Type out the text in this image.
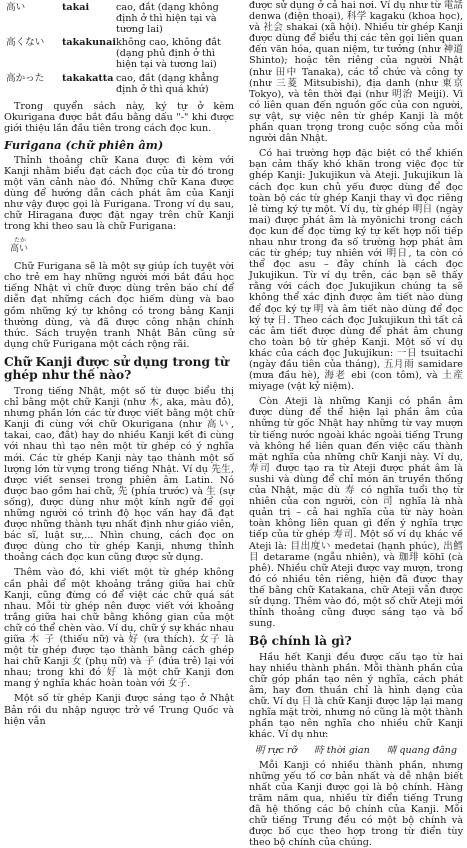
高い	takai	cao, đắt (dạng không định ở thì hiện tại và tương lai)
高くない	takakunai	không cao, không đắt (dạng phủ định ở thì hiện tại và tương lai)
高かった	takakatta	cao, đắt (dạng khẳng định ở thì quá khứ)

Trong quyển sách này, ký tự ở kèm Okurigana được bắt đầu bằng dấu "-" khi được giới thiệu lần đầu tiên trong cách đọc kun.

Furigana (chữ phiên âm)

Thỉnh thoảng chữ Kana được đi kèm với Kanji nhằm biểu đạt cách đọc của từ đó trong một văn cảnh nào đó. Những chữ Kana được dùng để hướng dẫn cách phát âm của Kanji như vậy được gọi là Furigana. Trong ví dụ sau, chữ Hiragana được đặt ngay trên chữ Kanji trong khi theo sau là chữ Furigana:

たか
高い

Chữ Furigana sẽ là một sự giúp ích tuyệt vời cho trẻ em hay những người mới bắt đầu học tiếng Nhật vì chữ được dùng trên báo chí để diễn đạt những cách đọc hiếm dùng và bao gồm những ký tự không có trong bảng Kanji thường dùng, và đã được công nhận chính thức. Sách truyện tranh Nhật Bản cũng sử dụng chữ Furigana một cách rộng rãi.

Chữ Kanji được sử dụng trong từ ghép như thế nào?

Trong tiếng Nhật, một số từ được biểu thị chỉ bằng một chữ Kanji (như 木, aka, màu đỏ), nhưng phần lớn các từ được viết bằng một chữ Kanji đi cùng với chữ Okurigana (như 高い, takai, cao, đắt) hay do nhiều Kanji kết đi cùng với nhau thì tạo nên một từ ghép có ý nghĩa mới. Các từ ghép Kanji này tạo thành một số lượng lớn từ vựng trong tiếng Nhật. Ví dụ 先生, được viết sensei trong phiên âm Latin. Nó được bao gồm hai chữ, 先 (phía trước) và 生 (sự sống), được dùng như một kính ngữ để gọi những người có trình độ học vấn hay đã đạt được những thành tựu nhất định như giáo viên, bác sĩ, luật sư,... Nhìn chung, cách đọc on được dùng cho từ ghép Kanji, nhưng thỉnh thoảng cách đọc kun cũng được sử dụng.

Thêm vào đó, khi viết một từ ghép không cần phải để một khoảng trắng giữa hai chữ Kanji, cũng đừng có để việt các chữ quá sát nhau. Mỗi từ ghép nên được viết với khoảng trắng giữa hai chữ bằng không gian của một chữ có thể chèn vào. Ví dụ, chữ ý sự khác nhau giữa 木 子 (thiếu nữ) và 好 (ưa thích). 女子 là một từ ghép được tạo thành bằng cách ghép hai chữ Kanji 女 (phụ nữ) và 子 (đứa trẻ) lại với nhau; trong khi đó 好 là một chữ Kanji đơn mang ý nghĩa khác hoàn toàn với 女子.

Một số từ ghép Kanji được sáng tạo ở Nhật Bản rồi du nhập ngược trở về Trung Quốc và hiện vẫn

được sử dụng ở cả hai nơi. Ví dụ như từ 電話 denwa (điện thoại), 科学 kagaku (khoa học), và 社会 shakai (xã hội). Nhiều từ ghép Kanji được dùng để biểu thị các tên gọi liên quan đến văn hóa, quan niệm, tư tưởng (như 神道 Shinto); hoặc tên riêng của người Nhật (như 田中 Tanaka), các tổ chức và công ty (như 三菱 Mitsubishi), địa danh (như 東京 Tokyo), và tên thời đại (như 明治 Meiji). Vì có liên quan đến nguồn gốc của con người, sự vật, sự việc nên từ ghép Kanji là một phần quan trọng trong cuộc sống của mỗi người dân Nhật.

Có hai trường hợp đặc biệt có thể khiến bạn cảm thấy khó khăn trong việc đọc từ ghép Kanji: Jukujikun và Ateji. Jukujikun là cách đọc kun chủ yếu được dùng để đọc toàn bộ các từ ghép Kanji thay vì đọc riêng lẻ từng ký tự một. Ví dụ, từ ghép 明日 (ngày mai) được phát âm là myōnichi trong cách đọc kun để đọc từng ký tự kết hợp nối tiếp nhau như trong đa số trường hợp phát âm các từ ghép; tuy nhiên với 明日, ta còn có thể đọc asu – đây chính là cách đọc Jukujikun. Từ ví dụ trên, các bạn sẽ thấy rằng với cách đọc Jukujikun chúng ta sẽ không thể xác định được âm tiết nào dùng để đọc ký tự 明 và âm tiết nào dùng để đọc ký tự 日. Theo cách đọc Jukujikun thì tất cả các âm tiết được dùng để phát âm chung cho toàn bộ từ ghép Kanji. Một số ví dụ khác của cách đọc Jukujikun: 一日 tsuitachi (ngày đầu tiên của tháng), 五月雨 samidare (mưa đầu hè), 海老 ebi (con tôm), và 土産 miyage (vật kỷ niệm).

Còn Ateji là những Kanji có phần âm được dùng để thể hiện lại phần âm của những từ gốc Nhật hay những từ vay mượn từ tiếng nước ngoài khác ngoài tiếng Trung và không hề liên quan đến việc cấu thành mặt nghĩa của những chữ Kanji này. Ví dụ, 寿司 được tạo ra từ Ateji được phát âm là sushi và dùng để chỉ món ăn truyền thống của Nhật, mặc dù 寿 có nghĩa tuổi thọ từ nhiên của con người, còn 司 nghĩa là nhà quản trị – cả hai nghĩa của từ này hoàn toàn không liên quan gì đến ý nghĩa trực tiếp của từ ghép 寿司. Một số ví dụ khác về Ateji là: 目出度い medetai (hạnh phúc), 出鱈目 detarame (ngẫu nhiên), và 珈琲 kōhī (cà phê). Nhiều chữ Ateji được vay mượn, trong đó có nhiều tên riêng, hiện đã được thay thế bằng chữ Katakana, chữ Ateji vẫn được sử dụng. Thêm vào đó, một số chữ Ateji mới thỉnh thoảng cũng được sáng tạo và bổ sung.

Bộ chính là gì?

Hầu hết Kanji đều được cấu tạo từ hai hay nhiều thành phần. Mỗi thành phần của chữ góp phần tạo nên ý nghĩa, cách phát âm, hay đơn thuần chỉ là hình dạng của chữ. Ví dụ 日 là chữ Kanji được lặp lại mang nghĩa mặt trời, nhưng nó cũng là một thành phần tạo nên nghĩa cho nhiều chữ Kanji khác. Ví dụ như:

明 rực rỡ 時 thời gian 晴 quang đãng

Mỗi Kanji có nhiều thành phần, nhưng những yếu tố cơ bản nhất và dễ nhận biết nhất của Kanji được gọi là bộ chính. Hàng trăm năm qua, nhiều từ điển tiếng Trung đã hệ thống các bộ chính của Kanji. Mỗi chữ tiếng Trung đều có một bộ chính và được bố cục theo hợp trong từ điển tùy theo bộ chính của chúng.
